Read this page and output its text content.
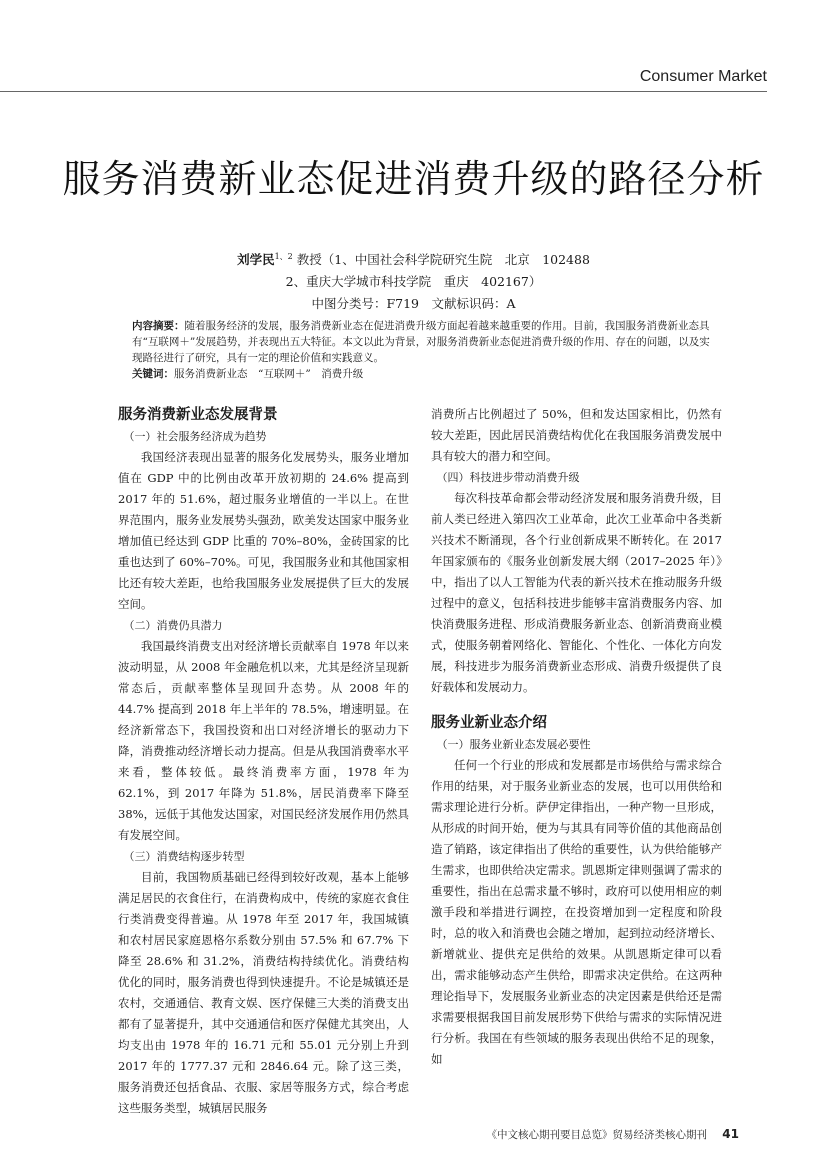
Consumer Market
服务消费新业态促进消费升级的路径分析
刘学民$^{1、2}$ 教授（1、中国社会科学院研究生院　北京　102488
2、重庆大学城市科技学院　重庆　402167）
中图分类号：F719　文献标识码：A
内容摘要：随着服务经济的发展，服务消费新业态在促进消费升级方面起着越来越重要的作用。目前，我国服务消费新业态具有“互联网＋”发展趋势，并表现出五大特征。本文以此为背景，对服务消费新业态促进消费升级的作用、存在的问题，以及实现路径进行了研究，具有一定的理论价值和实践意义。
关键词：服务消费新业态　“互联网＋”　消费升级
服务消费新业态发展背景
（一）社会服务经济成为趋势

我国经济表现出显著的服务化发展势头，服务业增加值在 GDP 中的比例由改革开放初期的 24.6% 提高到 2017 年的 51.6%，超过服务业增值的一半以上。在世界范围内，服务业发展势头强劲，欧美发达国家中服务业增加值已经达到 GDP 比重的 70%–80%，金砖国家的比重也达到了 60%–70%。可见，我国服务业和其他国家相比还有较大差距，也给我国服务业发展提供了巨大的发展空间。

（二）消费仍具潜力

我国最终消费支出对经济增长贡献率自 1978 年以来波动明显，从 2008 年金融危机以来，尤其是经济呈现新常态后，贡献率整体呈现回升态势。从 2008 年的 44.7% 提高到 2018 年上半年的 78.5%，增速明显。在经济新常态下，我国投资和出口对经济增长的驱动力下降，消费推动经济增长动力提高。但是从我国消费率水平来看，整体较低。最终消费率方面，1978 年为 62.1%，到 2017 年降为 51.8%，居民消费率下降至 38%，远低于其他发达国家，对国民经济发展作用仍然具有发展空间。

（三）消费结构逐步转型

目前，我国物质基础已经得到较好改观，基本上能够满足居民的衣食住行，在消费构成中，传统的家庭衣食住行类消费变得普遍。从 1978 年至 2017 年，我国城镇和农村居民家庭恩格尔系数分别由 57.5% 和 67.7% 下降至 28.6% 和 31.2%，消费结构持续优化。消费结构优化的同时，服务消费也得到快速提升。不论是城镇还是农村，交通通信、教育文娱、医疗保健三大类的消费支出都有了显著提升，其中交通通信和医疗保健尤其突出，人均支出由 1978 年的 16.71 元和 55.01 元分别上升到 2017 年的 1777.37 元和 2846.64 元。除了这三类，服务消费还包括食品、衣服、家居等服务方式，综合考虑这些服务类型，城镇居民服务

消费所占比例超过了 50%，但和发达国家相比，仍然有较大差距，因此居民消费结构优化在我国服务消费发展中具有较大的潜力和空间。

（四）科技进步带动消费升级

每次科技革命都会带动经济发展和服务消费升级，目前人类已经进入第四次工业革命，此次工业革命中各类新兴技术不断涌现，各个行业创新成果不断转化。在 2017 年国家颁布的《服务业创新发展大纲（2017–2025 年）》中，指出了以人工智能为代表的新兴技术在推动服务升级过程中的意义，包括科技进步能够丰富消费服务内容、加快消费服务进程、形成消费服务新业态、创新消费商业模式，使服务朝着网络化、智能化、个性化、一体化方向发展，科技进步为服务消费新业态形成、消费升级提供了良好载体和发展动力。

服务业新业态介绍
（一）服务业新业态发展必要性

任何一个行业的形成和发展都是市场供给与需求综合作用的结果，对于服务业新业态的发展，也可以用供给和需求理论进行分析。萨伊定律指出，一种产物一旦形成，从形成的时间开始，便为与其具有同等价值的其他商品创造了销路，该定律指出了供给的重要性，认为供给能够产生需求，也即供给决定需求。凯恩斯定律则强调了需求的重要性，指出在总需求量不够时，政府可以使用相应的刺激手段和举措进行调控，在投资增加到一定程度和阶段时，总的收入和消费也会随之增加，起到拉动经济增长、新增就业、提供充足供给的效果。从凯恩斯定律可以看出，需求能够动态产生供给，即需求决定供给。在这两种理论指导下，发展服务业新业态的决定因素是供给还是需求需要根据我国目前发展形势下供给与需求的实际情况进行分析。我国在有些领域的服务表现出供给不足的现象，如

《中文核心期刊要目总览》贸易经济类核心期刊 41
